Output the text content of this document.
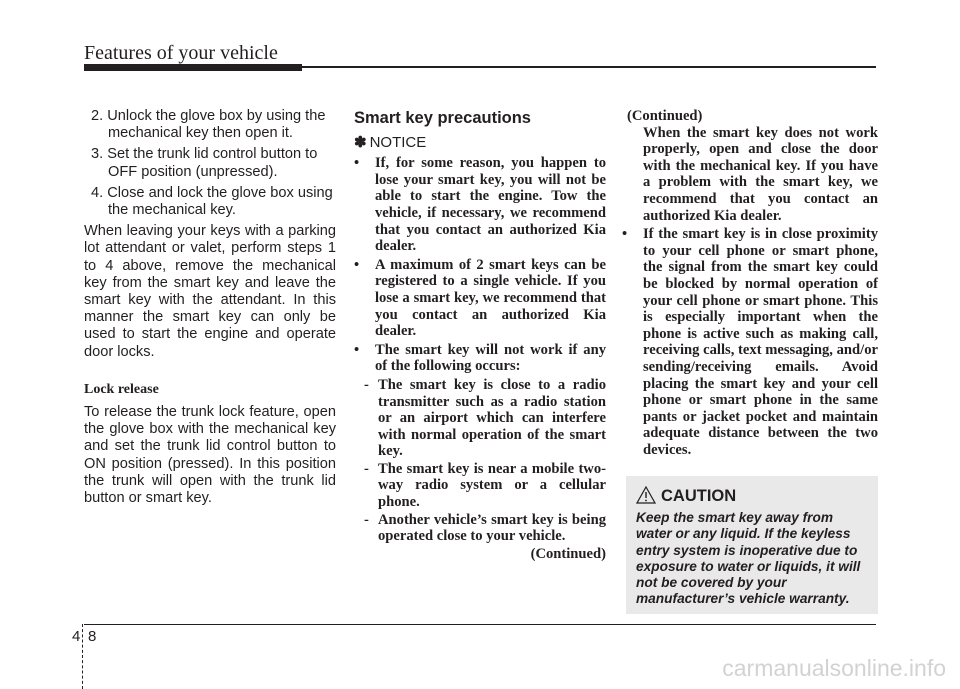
Features of your vehicle

2. Unlock the glove box by using the mechanical key then open it.

3. Set the trunk lid control button to OFF position (unpressed).

4. Close and lock the glove box using the mechanical key.

When leaving your keys with a parking lot attendant or valet, perform steps 1 to 4 above, remove the mechanical key from the smart key and leave the smart key with the attendant. In this manner the smart key can only be used to start the engine and operate door locks.

Lock release

To release the trunk lock feature, open the glove box with the mechanical key and set the trunk lid control button to ON position (pressed). In this position the trunk will open with the trunk lid button or smart key.

Smart key precautions
✽ NOTICE

• If, for some reason, you happen to lose your smart key, you will not be able to start the engine. Tow the vehicle, if necessary, we recommend that you contact an authorized Kia dealer.

• A maximum of 2 smart keys can be registered to a single vehicle. If you lose a smart key, we recommend that you contact an authorized Kia dealer.

• The smart key will not work if any of the following occurs:

- The smart key is close to a radio transmitter such as a radio station or an airport which can interfere with normal operation of the smart key.

- The smart key is near a mobile two-way radio system or a cellular phone.

- Another vehicle’s smart key is being operated close to your vehicle.

(Continued)

(Continued)

When the smart key does not work properly, open and close the door with the mechanical key. If you have a problem with the smart key, we recommend that you contact an authorized Kia dealer.

• If the smart key is in close proximity to your cell phone or smart phone, the signal from the smart key could be blocked by normal operation of your cell phone or smart phone. This is especially important when the phone is active such as making call, receiving calls, text messaging, and/or sending/receiving emails. Avoid placing the smart key and your cell phone or smart phone in the same pants or jacket pocket and maintain adequate distance between the two devices.

CAUTION
Keep the smart key away from water or any liquid. If the keyless entry system is inoperative due to exposure to water or liquids, it will not be covered by your manufacturer’s vehicle warranty.
4 8
carmanualsonline.info
